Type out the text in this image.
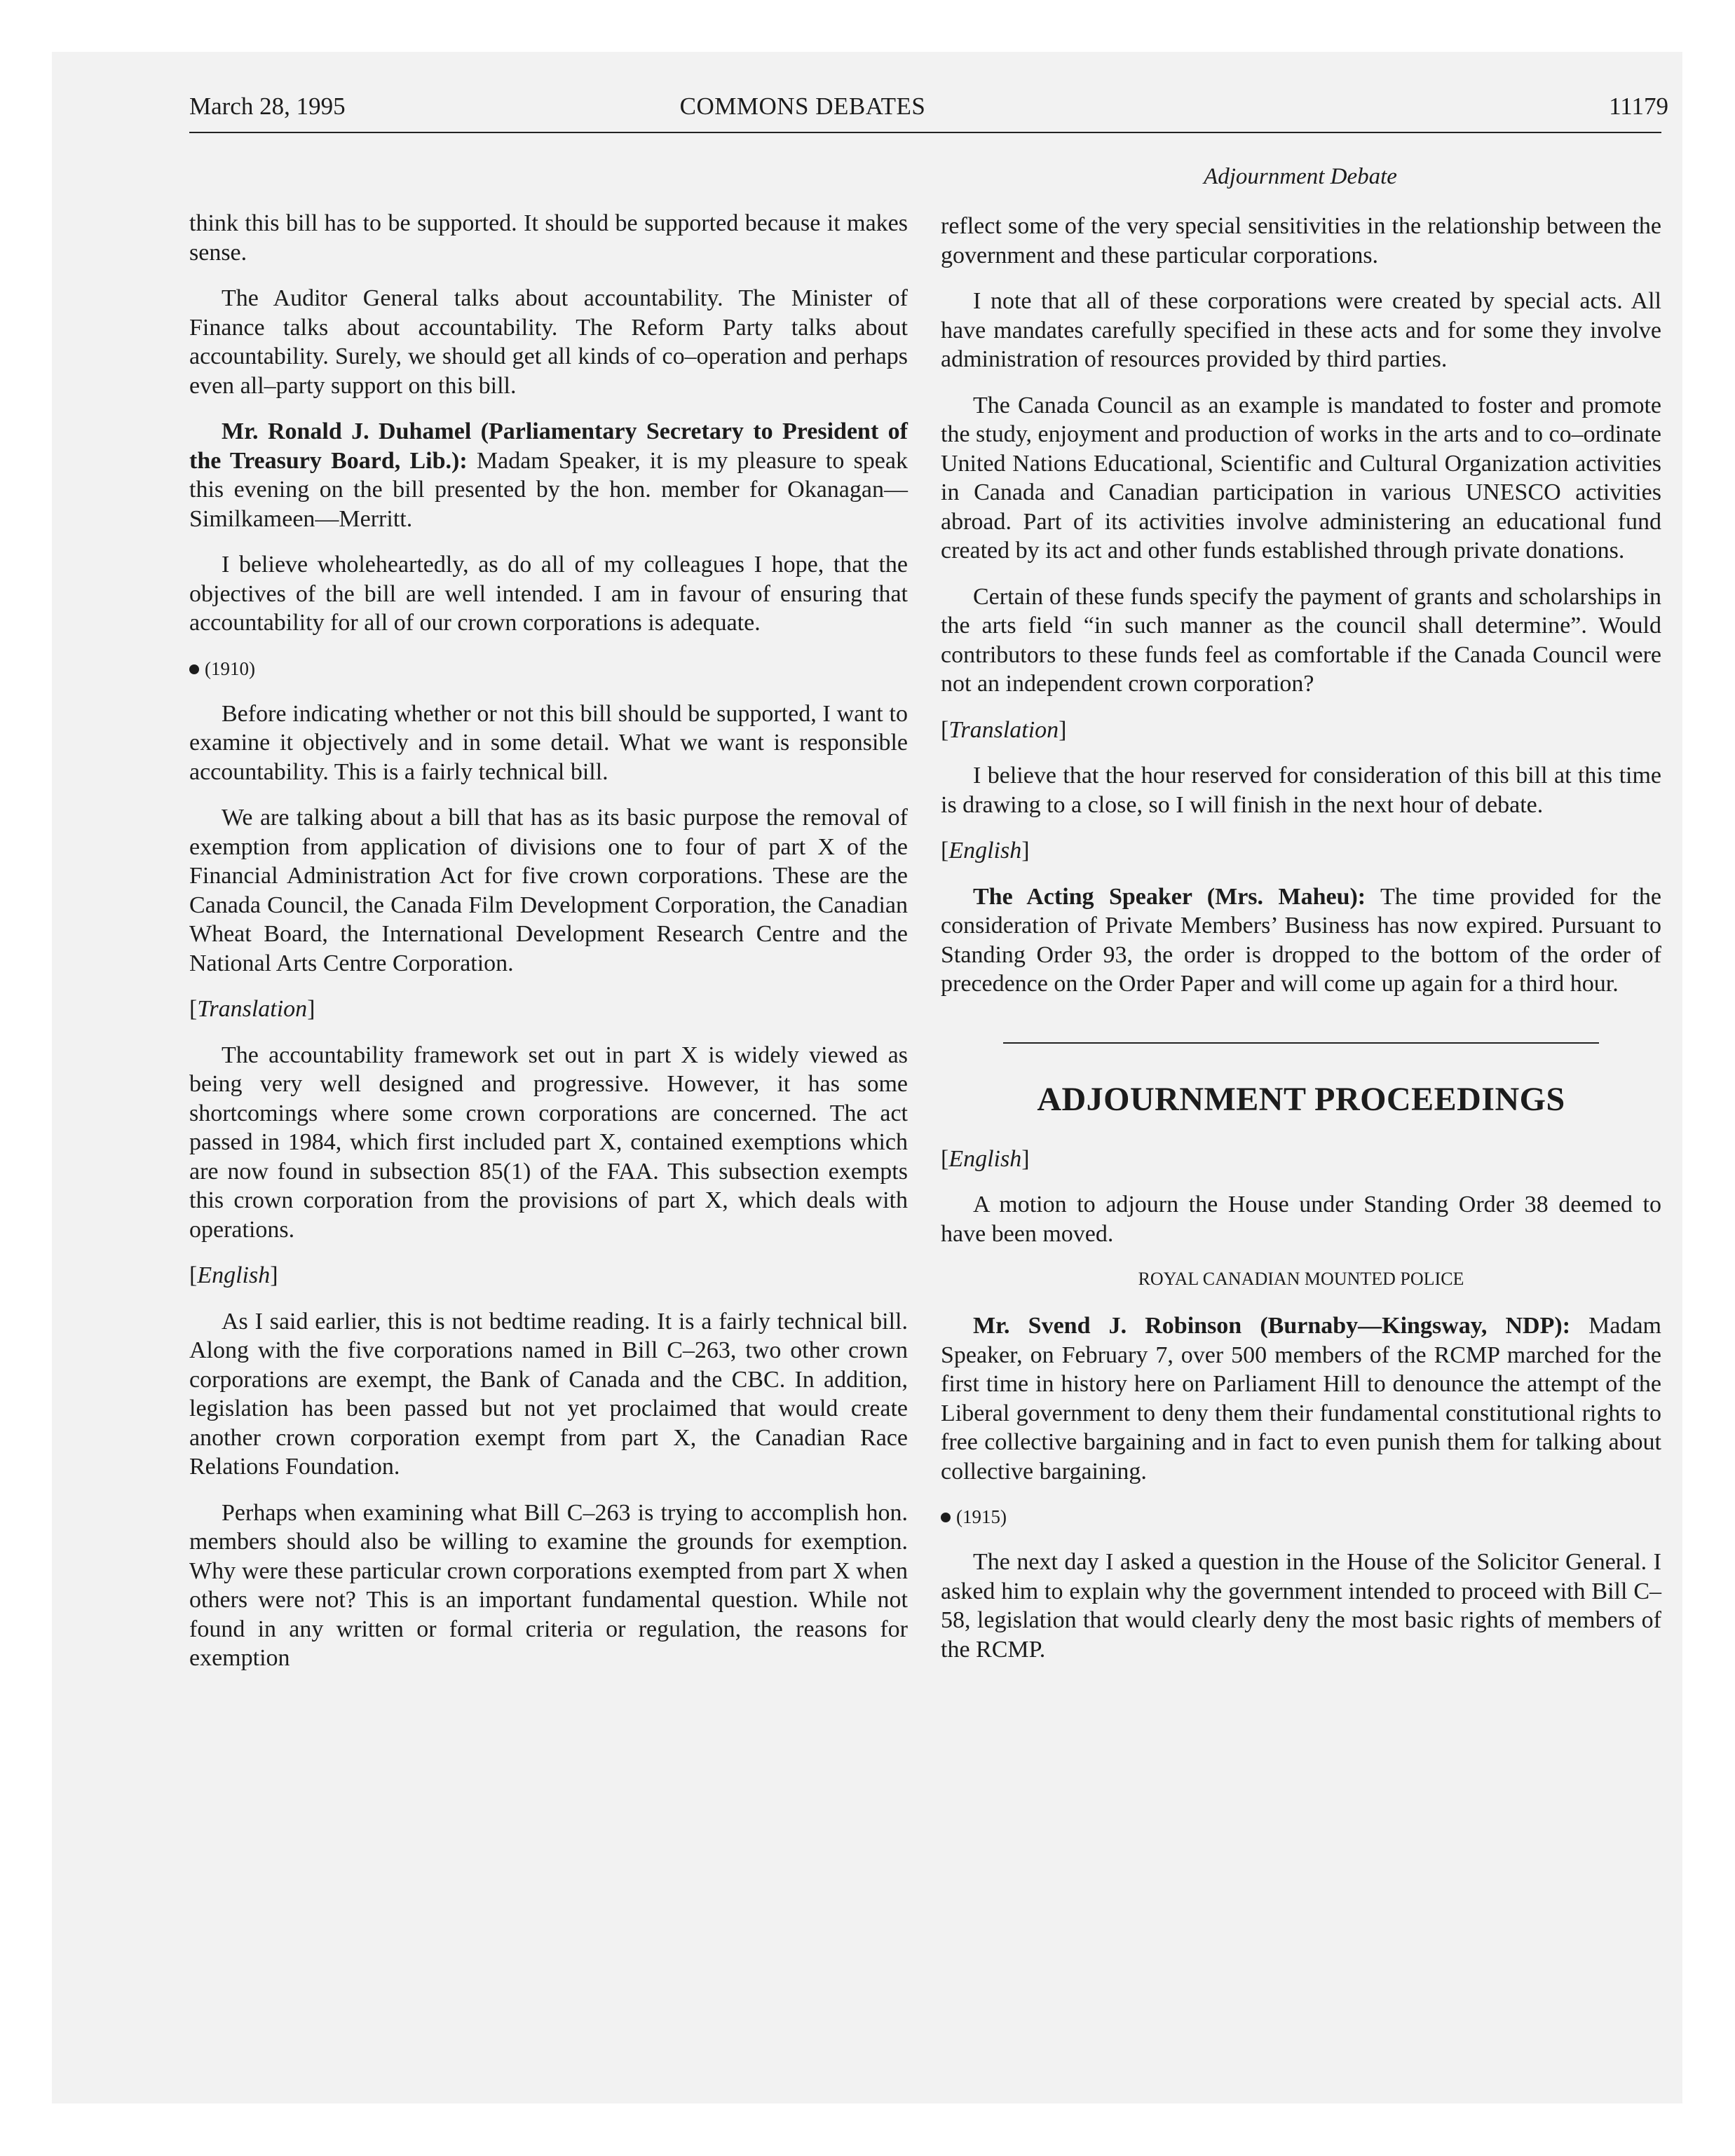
March 28, 1995	COMMONS DEBATES	11179
Adjournment Debate

think this bill has to be supported. It should be supported because it makes sense.

The Auditor General talks about accountability. The Minister of Finance talks about accountability. The Reform Party talks about accountability. Surely, we should get all kinds of co–operation and perhaps even all–party support on this bill.

Mr. Ronald J. Duhamel (Parliamentary Secretary to President of the Treasury Board, Lib.): Madam Speaker, it is my pleasure to speak this evening on the bill presented by the hon. member for Okanagan—Similkameen—Merritt.

I believe wholeheartedly, as do all of my colleagues I hope, that the objectives of the bill are well intended. I am in favour of ensuring that accountability for all of our crown corporations is adequate.

(1910)

Before indicating whether or not this bill should be supported, I want to examine it objectively and in some detail. What we want is responsible accountability. This is a fairly technical bill.

We are talking about a bill that has as its basic purpose the removal of exemption from application of divisions one to four of part X of the Financial Administration Act for five crown corporations. These are the Canada Council, the Canada Film Development Corporation, the Canadian Wheat Board, the International Development Research Centre and the National Arts Centre Corporation.

[Translation]

The accountability framework set out in part X is widely viewed as being very well designed and progressive. However, it has some shortcomings where some crown corporations are concerned. The act passed in 1984, which first included part X, contained exemptions which are now found in subsection 85(1) of the FAA. This subsection exempts this crown corporation from the provisions of part X, which deals with operations.

[English]

As I said earlier, this is not bedtime reading. It is a fairly technical bill. Along with the five corporations named in Bill C–263, two other crown corporations are exempt, the Bank of Canada and the CBC. In addition, legislation has been passed but not yet proclaimed that would create another crown corporation exempt from part X, the Canadian Race Relations Foundation.

Perhaps when examining what Bill C–263 is trying to accomplish hon. members should also be willing to examine the grounds for exemption. Why were these particular crown corporations exempted from part X when others were not? This is an important fundamental question. While not found in any written or formal criteria or regulation, the reasons for exemption

reflect some of the very special sensitivities in the relationship between the government and these particular corporations.

I note that all of these corporations were created by special acts. All have mandates carefully specified in these acts and for some they involve administration of resources provided by third parties.

The Canada Council as an example is mandated to foster and promote the study, enjoyment and production of works in the arts and to co–ordinate United Nations Educational, Scientific and Cultural Organization activities in Canada and Canadian participation in various UNESCO activities abroad. Part of its activities involve administering an educational fund created by its act and other funds established through private donations.

Certain of these funds specify the payment of grants and scholarships in the arts field “in such manner as the council shall determine”. Would contributors to these funds feel as comfortable if the Canada Council were not an independent crown corporation?

[Translation]

I believe that the hour reserved for consideration of this bill at this time is drawing to a close, so I will finish in the next hour of debate.

[English]

The Acting Speaker (Mrs. Maheu): The time provided for the consideration of Private Members’ Business has now expired. Pursuant to Standing Order 93, the order is dropped to the bottom of the order of precedence on the Order Paper and will come up again for a third hour.

ADJOURNMENT PROCEEDINGS
[English]

A motion to adjourn the House under Standing Order 38 deemed to have been moved.

ROYAL CANADIAN MOUNTED POLICE

Mr. Svend J. Robinson (Burnaby—Kingsway, NDP): Madam Speaker, on February 7, over 500 members of the RCMP marched for the first time in history here on Parliament Hill to denounce the attempt of the Liberal government to deny them their fundamental constitutional rights to free collective bargaining and in fact to even punish them for talking about collective bargaining.

(1915)

The next day I asked a question in the House of the Solicitor General. I asked him to explain why the government intended to proceed with Bill C–58, legislation that would clearly deny the most basic rights of members of the RCMP.
